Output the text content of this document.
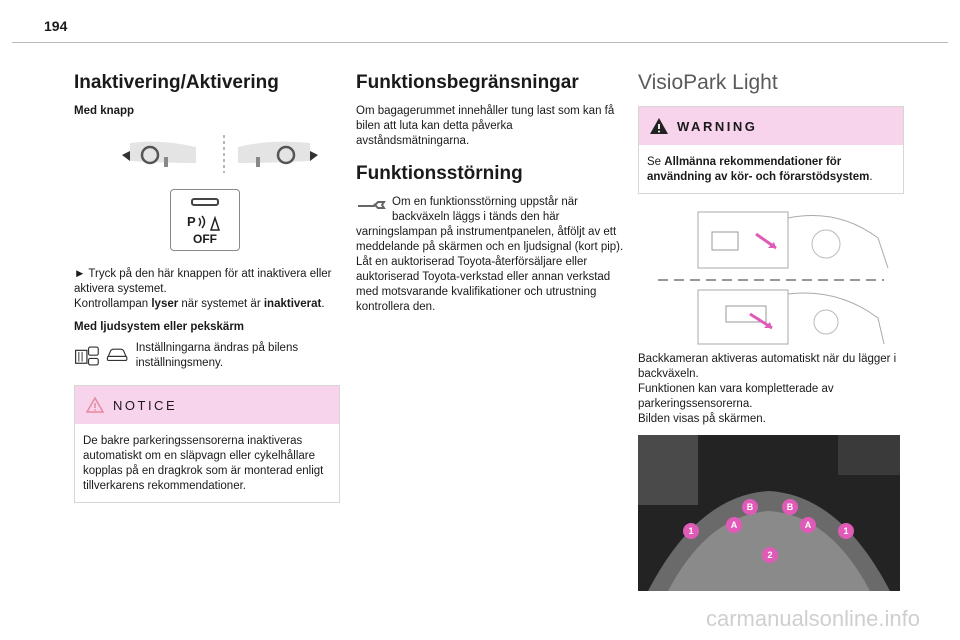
194
Inaktivering/Aktivering
Med knapp
P
OFF

► Tryck på den här knappen för att inaktivera eller aktivera systemet.

Kontrollampan lyser när systemet är inaktiverat.

Med ljudsystem eller pekskärm
Inställningarna ändras på bilens inställningsmeny.
NOTICE
De bakre parkeringssensorerna inaktiveras automatiskt om en släpvagn eller cykelhållare kopplas på en dragkrok som är monterad enligt tillverkarens rekommendationer.
Funktionsbegränsningar

Om bagagerummet innehåller tung last som kan få bilen att luta kan detta påverka avståndsmätningarna.

Funktionsstörning

Om en funktionsstörning uppstår när backväxeln läggs i tänds den här varningslampan på instrumentpanelen, åtföljt av ett meddelande på skärmen och en ljudsignal (kort pip).

Låt en auktoriserad Toyota-återförsäljare eller auktoriserad Toyota-verkstad eller annan verkstad med motsvarande kvalifikationer och utrustning kontrollera den.

VisioPark Light
WARNING
Se Allmänna rekommendationer för användning av kör- och förarstödsystem.

Backkameran aktiveras automatiskt när du lägger i backväxeln.

Funktionen kan vara kompletterade av parkeringssensorerna.

Bilden visas på skärmen.

B	B
1
A	A
1
2
carmanualsonline.info
